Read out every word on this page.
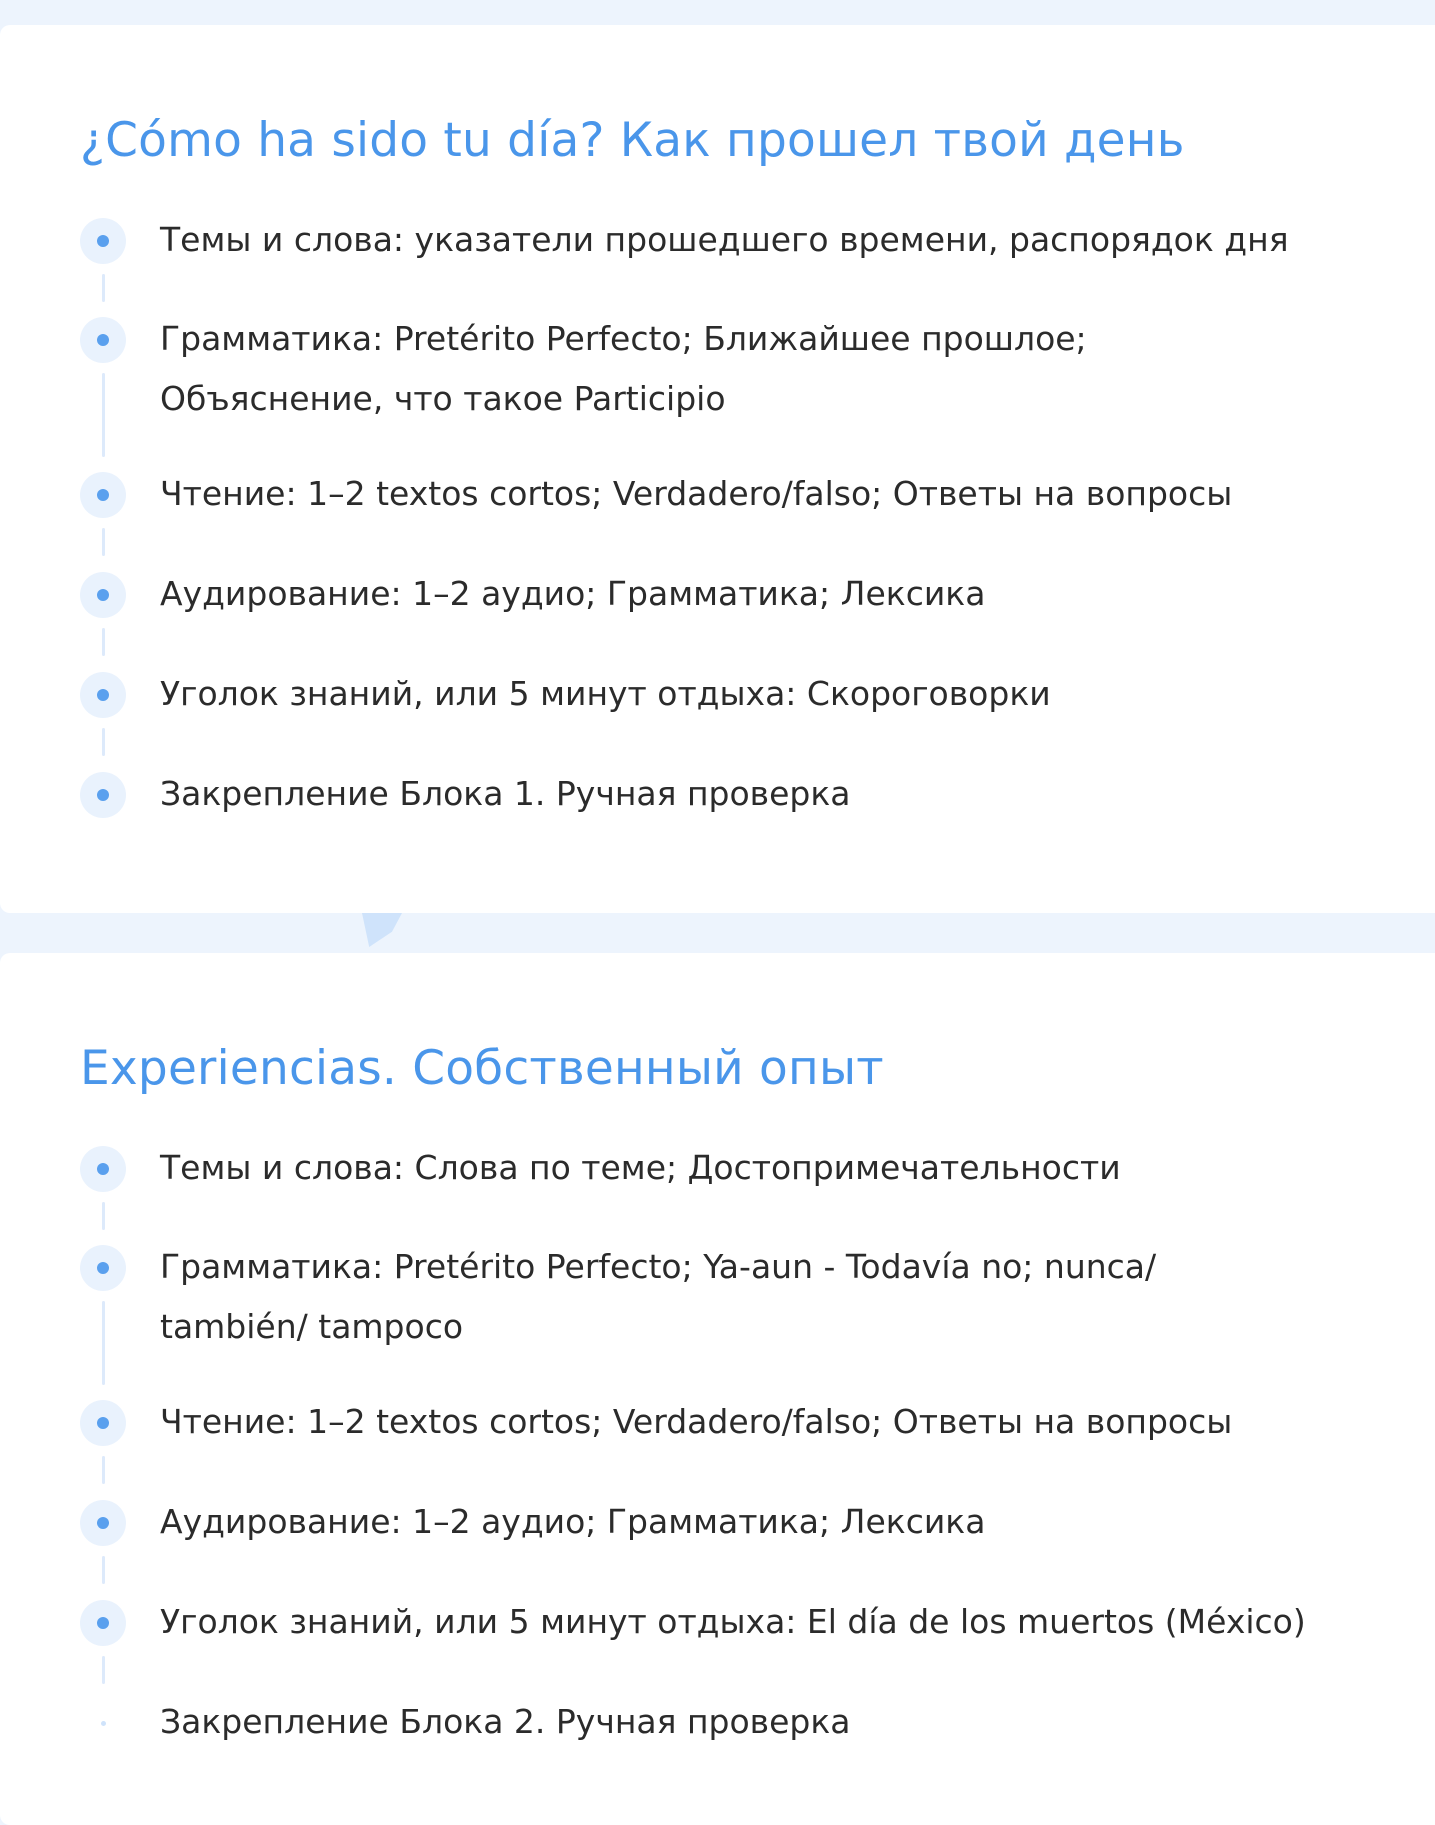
¿Cómo ha sido tu día? Как прошел твой день
Темы и слова: указатели прошедшего времени, распорядок дня
Грамматика: Pretérito Perfecto; Ближайшее прошлое;
Объяснение, что такое Participio
Чтение: 1–2 textos cortos; Verdadero/falso; Ответы на вопросы
Аудирование: 1–2 аудио; Грамматика; Лексика
Уголок знаний, или 5 минут отдыха: Скороговорки
Закрепление Блока 1. Ручная проверка
Experiencias. Собственный опыт
Темы и слова: Слова по теме; Достопримечательности
Грамматика: Pretérito Perfecto; Ya-aun - Todavía no; nunca/
también/ tampoco
Чтение: 1–2 textos cortos; Verdadero/falso; Ответы на вопросы
Аудирование: 1–2 аудио; Грамматика; Лексика
Уголок знаний, или 5 минут отдыха: El día de los muertos (México)
Закрепление Блока 2. Ручная проверка
